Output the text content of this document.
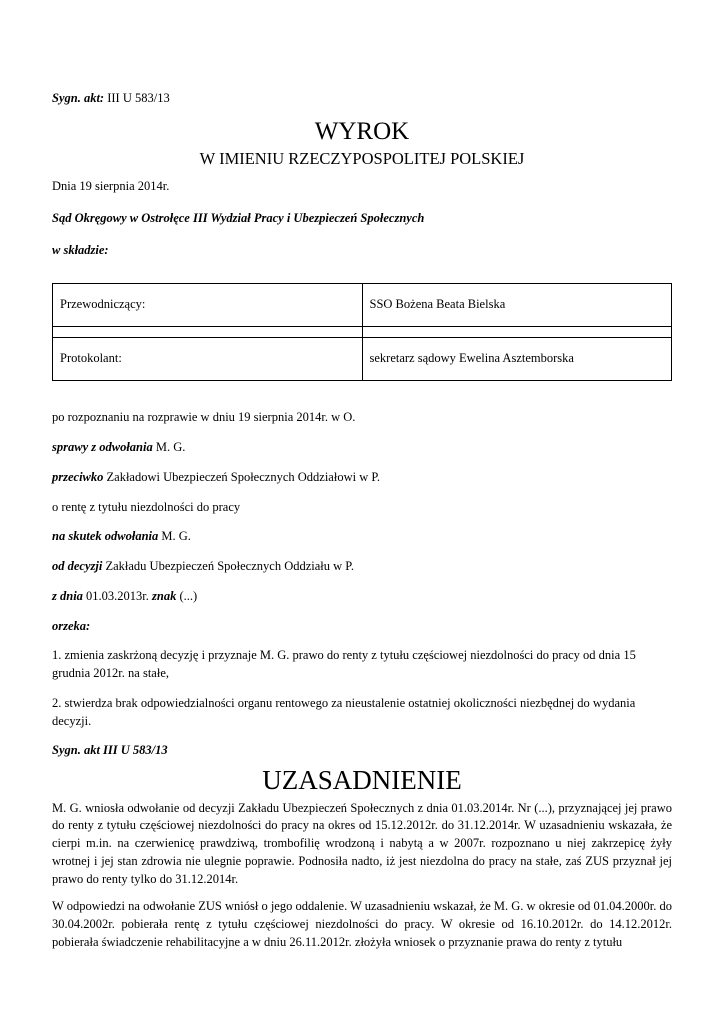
Sygn. akt: III U 583/13

WYROK

W IMIENIU RZECZYPOSPOLITEJ POLSKIEJ

Dnia 19 sierpnia 2014r.

Sąd Okręgowy w Ostrołęce III Wydział Pracy i Ubezpieczeń Społecznych

w składzie:

Przewodniczący:	SSO Bożena Beata Bielska

Protokolant:	sekretarz sądowy Ewelina Asztemborska

po rozpoznaniu na rozprawie w dniu 19 sierpnia 2014r. w O.

sprawy z odwołania M. G.

przeciwko Zakładowi Ubezpieczeń Społecznych Oddziałowi w P.

o rentę z tytułu niezdolności do pracy

na skutek odwołania M. G.

od decyzji Zakładu Ubezpieczeń Społecznych Oddziału w P.

z dnia 01.03.2013r. znak (...)

orzeka:

1. zmienia zaskrżoną decyzję i przyznaje M. G. prawo do renty z tytułu częściowej niezdolności do pracy od dnia 15 grudnia 2012r. na stałe,

2. stwierdza brak odpowiedzialności organu rentowego za nieustalenie ostatniej okoliczności niezbędnej do wydania decyzji.

Sygn. akt III U 583/13

UZASADNIENIE

M. G. wniosła odwołanie od decyzji Zakładu Ubezpieczeń Społecznych z dnia 01.03.2014r. Nr (...), przyznającej jej prawo do renty z tytułu częściowej niezdolności do pracy na okres od 15.12.2012r. do 31.12.2014r. W uzasadnieniu wskazała, że cierpi m.in. na czerwienicę prawdziwą, trombofilię wrodzoną i nabytą a w 2007r. rozpoznano u niej zakrzepicę żyły wrotnej i jej stan zdrowia nie ulegnie poprawie. Podnosiła nadto, iż jest niezdolna do pracy na stałe, zaś ZUS przyznał jej prawo do renty tylko do 31.12.2014r.

W odpowiedzi na odwołanie ZUS wniósł o jego oddalenie. W uzasadnieniu wskazał, że M. G. w okresie od 01.04.2000r. do 30.04.2002r. pobierała rentę z tytułu częściowej niezdolności do pracy. W okresie od 16.10.2012r. do 14.12.2012r. pobierała świadczenie rehabilitacyjne a w dniu 26.11.2012r. złożyła wniosek o przyznanie prawa do renty z tytułu
